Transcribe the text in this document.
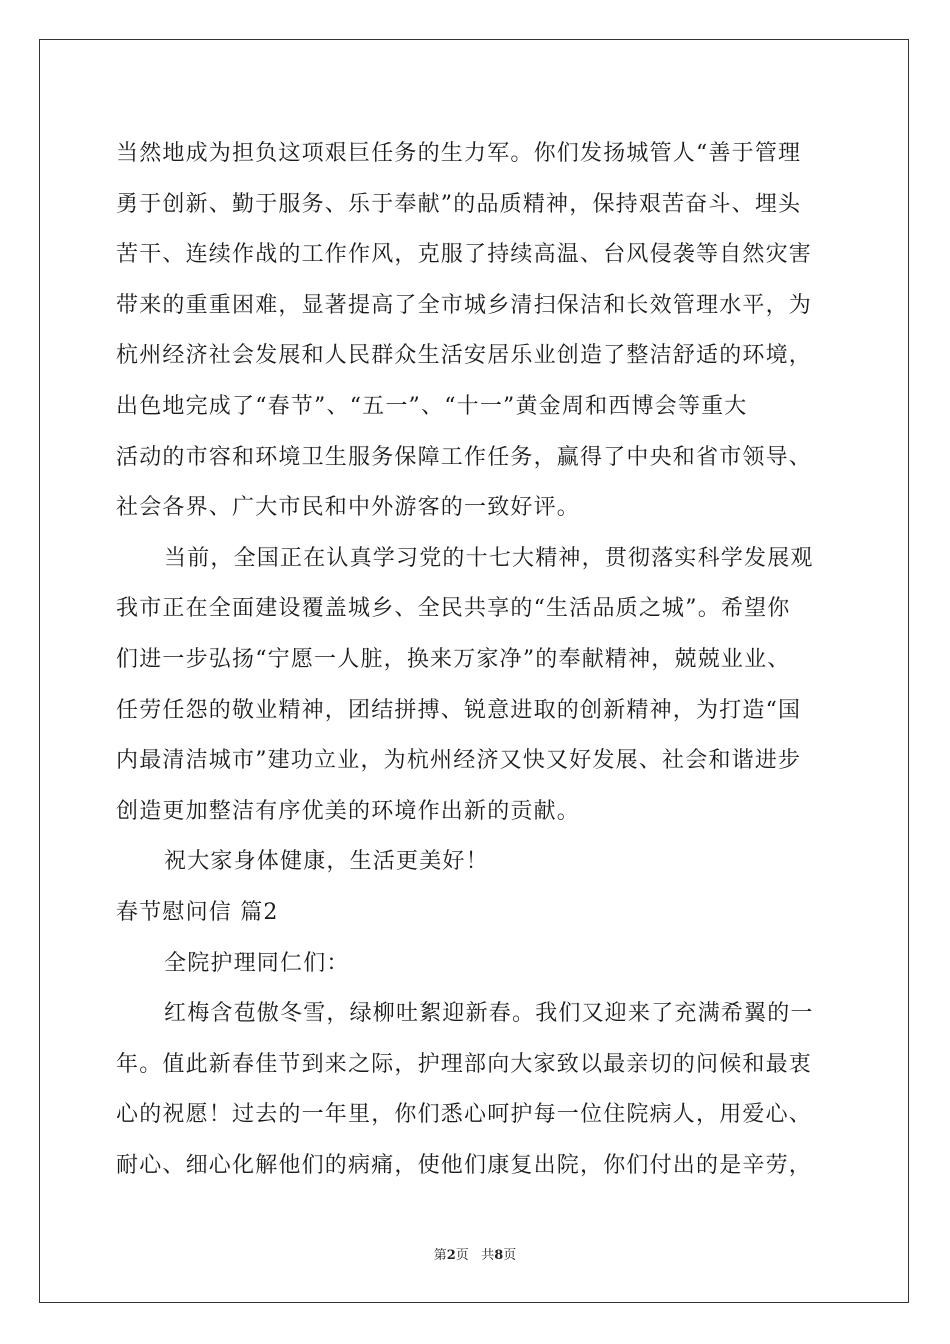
当然地成为担负这项艰巨任务的生力军。你们发扬城管人“善于管理
勇于创新、勤于服务、乐于奉献”的品质精神，保持艰苦奋斗、埋头
苦干、连续作战的工作作风，克服了持续高温、台风侵袭等自然灾害
带来的重重困难，显著提高了全市城乡清扫保洁和长效管理水平，为
杭州经济社会发展和人民群众生活安居乐业创造了整洁舒适的环境，
出色地完成了“春节”、“五一”、“十一”黄金周和西博会等重大
活动的市容和环境卫生服务保障工作任务，赢得了中央和省市领导、
社会各界、广大市民和中外游客的一致好评。
当前，全国正在认真学习党的十七大精神，贯彻落实科学发展观
我市正在全面建设覆盖城乡、全民共享的“生活品质之城”。希望你
们进一步弘扬“宁愿一人脏，换来万家净”的奉献精神，兢兢业业、
任劳任怨的敬业精神，团结拼搏、锐意进取的创新精神，为打造“国
内最清洁城市”建功立业，为杭州经济又快又好发展、社会和谐进步
创造更加整洁有序优美的环境作出新的贡献。
祝大家身体健康，生活更美好！
春节慰问信 篇2
全院护理同仁们：
红梅含苞傲冬雪，绿柳吐絮迎新春。我们又迎来了充满希翼的一
年。值此新春佳节到来之际，护理部向大家致以最亲切的问候和最衷
心的祝愿！过去的一年里，你们悉心呵护每一位住院病人，用爱心、
耐心、细心化解他们的病痛，使他们康复出院，你们付出的是辛劳，
第2页   共8页
